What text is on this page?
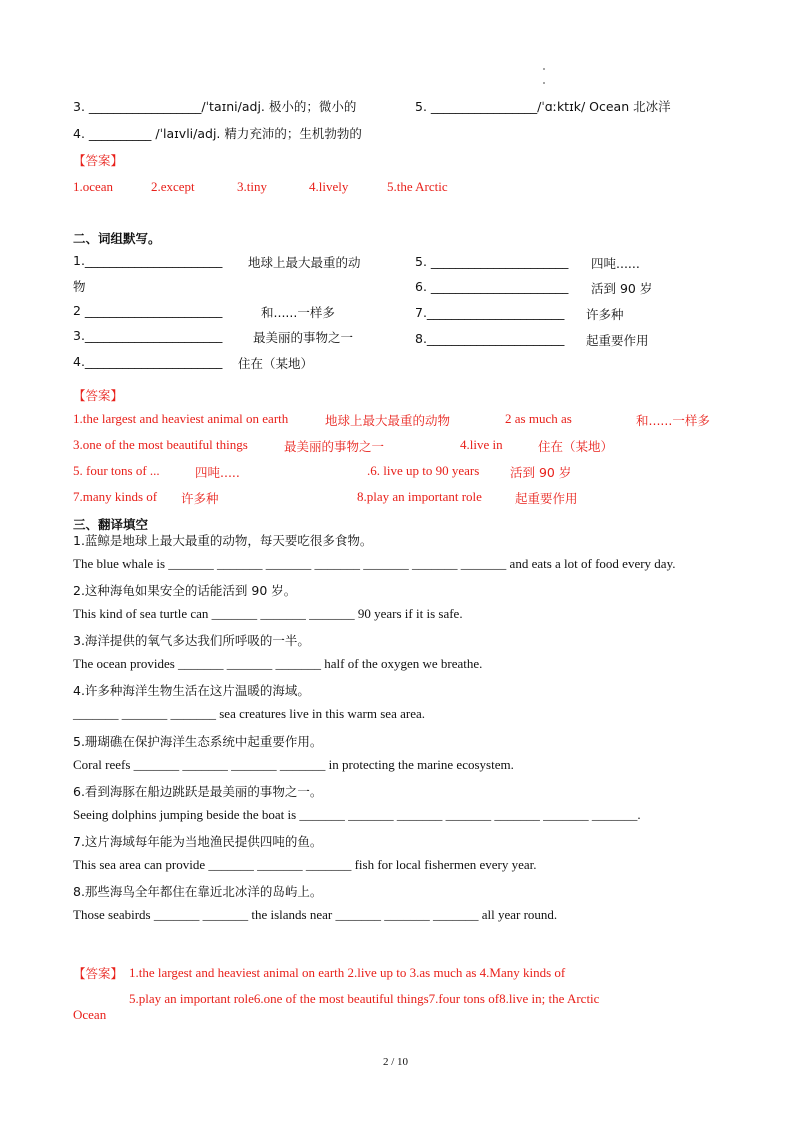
3. __________________/ˈtaɪni/adj. 极小的；微小的	5. _________________/ˈɑːktɪk/ Ocean 北冰洋
4. __________ /ˈlaɪvli/adj. 精力充沛的；生机勃勃的
【答案】
1.ocean	2.except	3.tiny	4.lively	5.the Arctic
二、词组默写。
1.______________________ 地球上最大最重的动
物
2 ______________________	和......一样多
3.______________________ 最美丽的事物之一
4.______________________ 住在（某地）
5. ______________________ 四吨......
6. ______________________ 活到 90 岁
7.______________________ 许多种
8.______________________ 起重要作用
【答案】
1.the largest and heaviest animal on earth	地球上最大最重的动物	2 as much as	和......一样多
3.one of the most beautiful things	最美丽的事物之一	4.live in	住在（某地）
5. four tons of ...	四吨.....	.6. live up to 90 years 活到 90 岁
7.many kinds of 许多种	8.play an important role	起重要作用
三、翻译填空
1.蓝鲸是地球上最大最重的动物，每天要吃很多食物。
The blue whale is _______ _______ _______ _______ _______ _______ _______ and eats a lot of food every day.
2.这种海龟如果安全的话能活到 90 岁。
This kind of sea turtle can _______ _______ _______ 90 years if it is safe.
3.海洋提供的氧气多达我们所呼吸的一半。
The ocean provides _______ _______ _______ half of the oxygen we breathe.
4.许多种海洋生物生活在这片温暖的海域。
_______ _______ _______ sea creatures live in this warm sea area.
5.珊瑚礁在保护海洋生态系统中起重要作用。
Coral reefs _______ _______ _______ _______ in protecting the marine ecosystem.
6.看到海豚在船边跳跃是最美丽的事物之一。
Seeing dolphins jumping beside the boat is _______ _______ _______ _______ _______ _______ _______.
7.这片海域每年能为当地渔民提供四吨的鱼。
This sea area can provide _______ _______ _______ fish for local fishermen every year.
8.那些海鸟全年都住在靠近北冰洋的岛屿上。
Those seabirds _______ _______ the islands near _______ _______ _______ all year round.
【答案】 1.the largest and heaviest animal on earth 2.live up to 3.as much as 4.Many kinds of
5.play an important role6.one of the most beautiful things7.four tons of8.live in; the Arctic
Ocean
2 / 10
